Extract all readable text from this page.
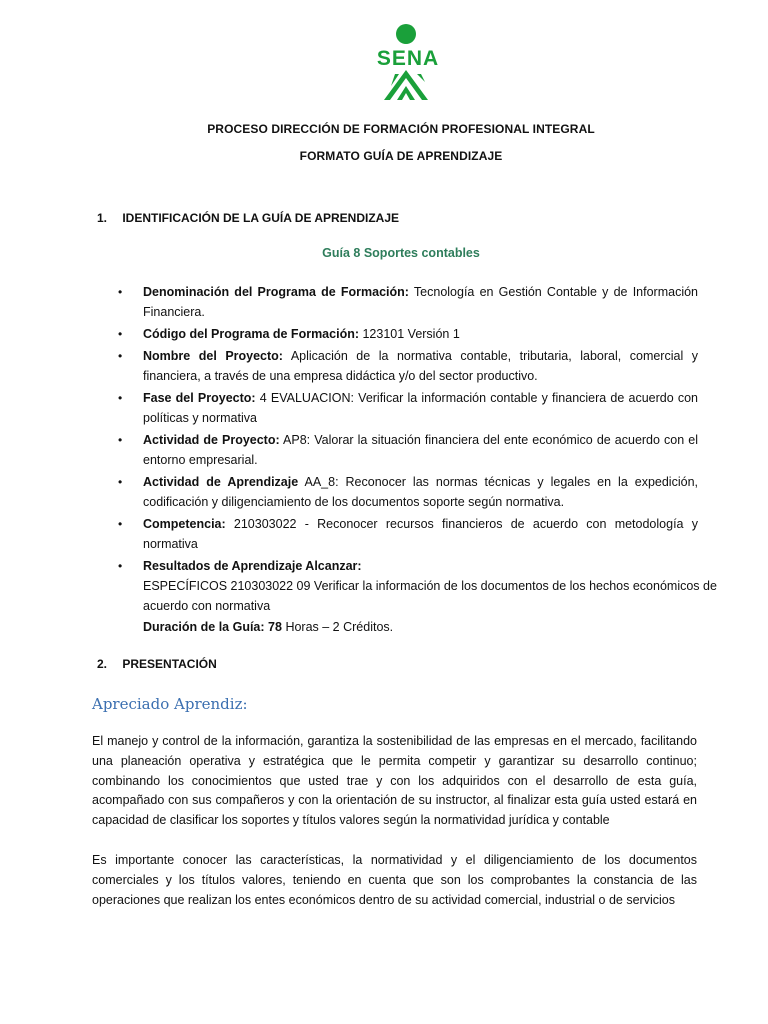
SENA
PROCESO DIRECCIÓN DE FORMACIÓN PROFESIONAL INTEGRAL
FORMATO GUÍA DE APRENDIZAJE
1. IDENTIFICACIÓN DE LA GUÍA DE APRENDIZAJE
Guía 8 Soportes contables
• Denominación del Programa de Formación: Tecnología en Gestión Contable y de Información Financiera.
• Código del Programa de Formación: 123101 Versión 1
• Nombre del Proyecto: Aplicación de la normativa contable, tributaria, laboral, comercial y financiera, a través de una empresa didáctica y/o del sector productivo.
• Fase del Proyecto: 4 EVALUACION: Verificar la información contable y financiera de acuerdo con políticas y normativa
• Actividad de Proyecto: AP8: Valorar la situación financiera del ente económico de acuerdo con el entorno empresarial.
• Actividad de Aprendizaje AA_8: Reconocer las normas técnicas y legales en la expedición, codificación y diligenciamiento de los documentos soporte según normativa.
• Competencia: 210303022 - Reconocer recursos financieros de acuerdo con metodología y normativa
• Resultados de Aprendizaje Alcanzar:
ESPECÍFICOS 210303022 09 Verificar la información de los documentos de los hechos económicos de
acuerdo con normativa
Duración de la Guía: 78 Horas – 2 Créditos.
2. PRESENTACIÓN
Apreciado Aprendiz:
El manejo y control de la información, garantiza la sostenibilidad de las empresas en el mercado, facilitando una planeación operativa y estratégica que le permita competir y garantizar su desarrollo continuo; combinando los conocimientos que usted trae y con los adquiridos con el desarrollo de esta guía, acompañado con sus compañeros y con la orientación de su instructor, al finalizar esta guía usted estará en capacidad de clasificar los soportes y títulos valores según la normatividad jurídica y contable
Es importante conocer las características, la normatividad y el diligenciamiento de los documentos comerciales y los títulos valores, teniendo en cuenta que son los comprobantes la constancia de las operaciones que realizan los entes económicos dentro de su actividad comercial, industrial o de servicios
